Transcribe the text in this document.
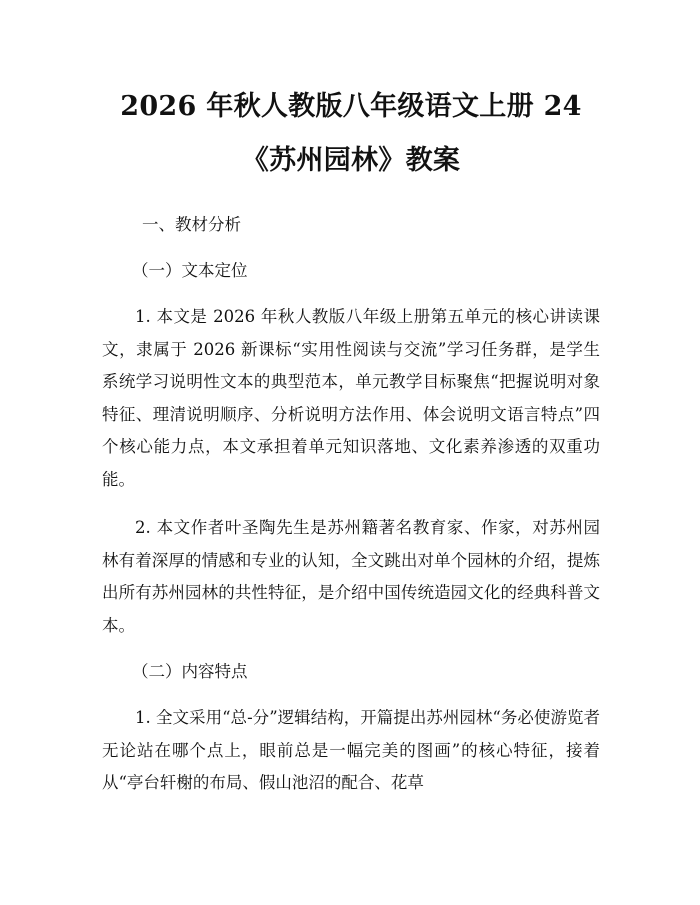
2026 年秋人教版八年级语文上册 24《苏州园林》教案
一、教材分析
（一）文本定位

1. 本文是 2026 年秋人教版八年级上册第五单元的核心讲读课文，隶属于 2026 新课标“实用性阅读与交流”学习任务群，是学生系统学习说明性文本的典型范本，单元教学目标聚焦“把握说明对象特征、理清说明顺序、分析说明方法作用、体会说明文语言特点”四个核心能力点，本文承担着单元知识落地、文化素养渗透的双重功能。

2. 本文作者叶圣陶先生是苏州籍著名教育家、作家，对苏州园林有着深厚的情感和专业的认知，全文跳出对单个园林的介绍，提炼出所有苏州园林的共性特征，是介绍中国传统造园文化的经典科普文本。

（二）内容特点

1. 全文采用“总-分”逻辑结构，开篇提出苏州园林“务必使游览者无论站在哪个点上，眼前总是一幅完美的图画”的核心特征，接着从“亭台轩榭的布局、假山池沼的配合、花草
